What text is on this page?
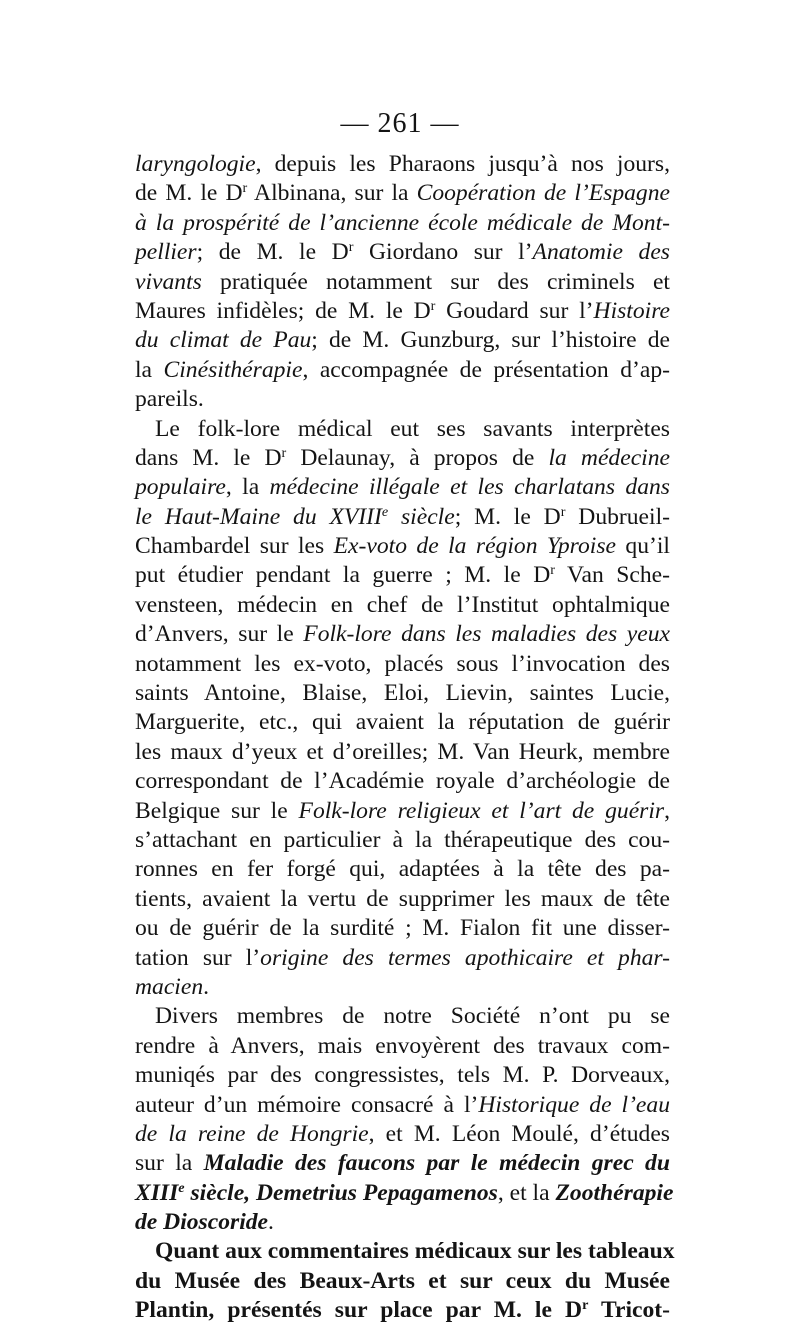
— 261 —
laryngologie, depuis les Pharaons jusqu’à nos jours,
de M. le $D^r$ Albinana, sur la Coopération de l’Espagne
à la prospérité de l’ancienne école médicale de Mont-
pellier; de M. le $D^r$ Giordano sur l’Anatomie des
vivants pratiquée notamment sur des criminels et
Maures infidèles; de M. le $D^r$ Goudard sur l’Histoire
du climat de Pau; de M. Gunzburg, sur l’histoire de
la Cinésithérapie, accompagnée de présentation d’ap-
pareils.
Le folk-lore médical eut ses savants interprètes
dans M. le $D^r$ Delaunay, à propos de la médecine
populaire, la médecine illégale et les charlatans dans
le Haut-Maine du XVIIIe siècle; M. le $D^r$ Dubrueil-
Chambardel sur les Ex-voto de la région Yproise qu’il
put étudier pendant la guerre ; M. le $D^r$ Van Sche-
vensteen, médecin en chef de l’Institut ophtalmique
d’Anvers, sur le Folk-lore dans les maladies des yeux
notamment les ex-voto, placés sous l’invocation des
saints Antoine, Blaise, Eloi, Lievin, saintes Lucie,
Marguerite, etc., qui avaient la réputation de guérir
les maux d’yeux et d’oreilles; M. Van Heurk, membre
correspondant de l’Académie royale d’archéologie de
Belgique sur le Folk-lore religieux et l’art de guérir,
s’attachant en particulier à la thérapeutique des cou-
ronnes en fer forgé qui, adaptées à la tête des pa-
tients, avaient la vertu de supprimer les maux de tête
ou de guérir de la surdité ; M. Fialon fit une disser-
tation sur l’origine des termes apothicaire et phar-
macien.
Divers membres de notre Société n’ont pu se
rendre à Anvers, mais envoyèrent des travaux com-
muniqés par des congressistes, tels M. P. Dorveaux,
auteur d’un mémoire consacré à l’Historique de l’eau
de la reine de Hongrie, et M. Léon Moulé, d’études
sur la Maladie des faucons par le médecin grec du
XIIIe siècle, Demetrius Pepagamenos, et la Zoothérapie
de Dioscoride.
Quant aux commentaires médicaux sur les tableaux
du Musée des Beaux-Arts et sur ceux du Musée
Plantin, présentés sur place par M. le $D^r$ Tricot-
